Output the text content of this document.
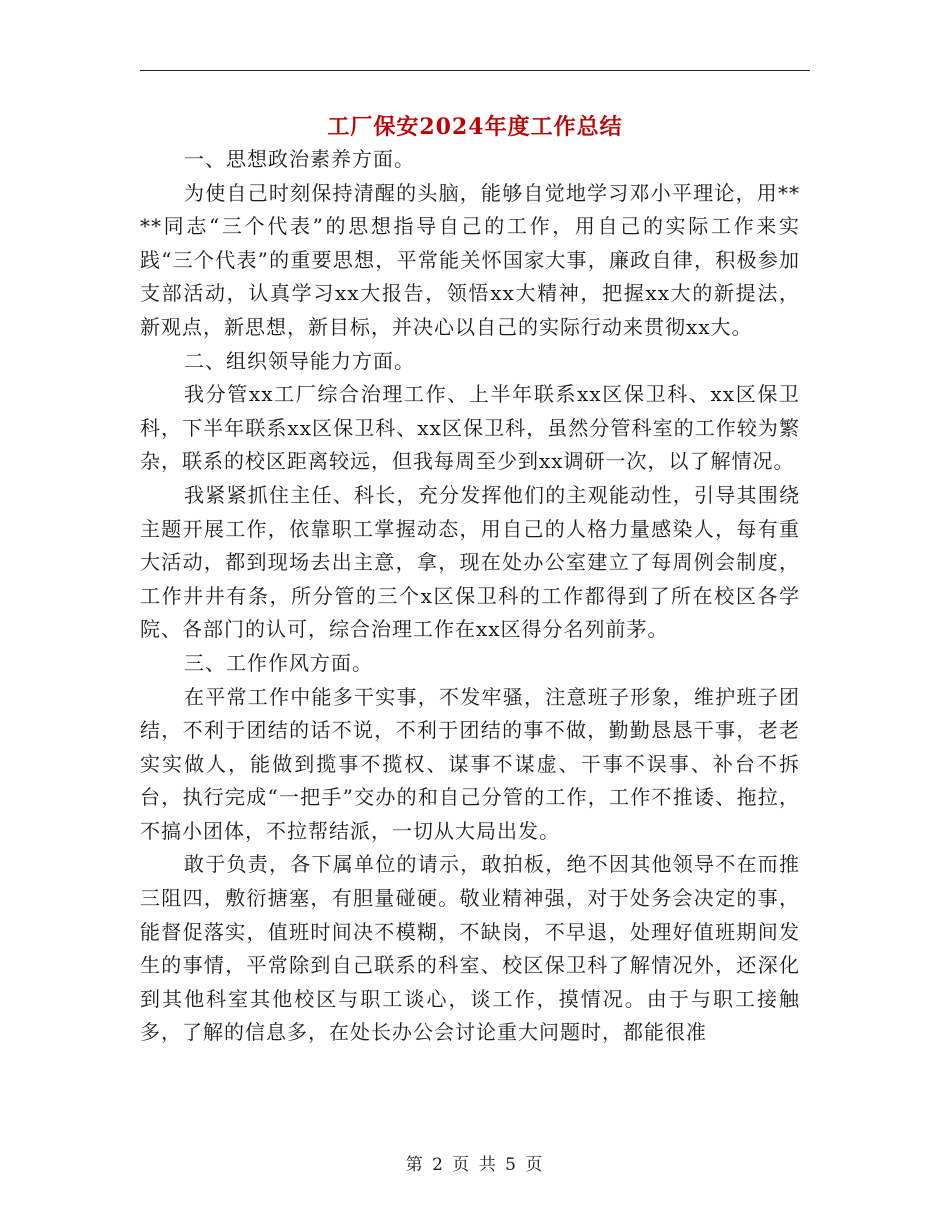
工厂保安2024年度工作总结

一、思想政治素养方面。

为使自己时刻保持清醒的头脑，能够自觉地学习邓小平理论，用****同志“三个代表”的思想指导自己的工作，用自己的实际工作来实践“三个代表”的重要思想，平常能关怀国家大事，廉政自律，积极参加支部活动，认真学习xx大报告，领悟xx大精神，把握xx大的新提法，新观点，新思想，新目标，并决心以自己的实际行动来贯彻xx大。

二、组织领导能力方面。

我分管xx工厂综合治理工作、上半年联系xx区保卫科、xx区保卫科，下半年联系xx区保卫科、xx区保卫科，虽然分管科室的工作较为繁杂，联系的校区距离较远，但我每周至少到xx调研一次，以了解情况。

我紧紧抓住主任、科长，充分发挥他们的主观能动性，引导其围绕主题开展工作，依靠职工掌握动态，用自己的人格力量感染人，每有重大活动，都到现场去出主意，拿，现在处办公室建立了每周例会制度，工作井井有条，所分管的三个x区保卫科的工作都得到了所在校区各学院、各部门的认可，综合治理工作在xx区得分名列前茅。

三、工作作风方面。

在平常工作中能多干实事，不发牢骚，注意班子形象，维护班子团结，不利于团结的话不说，不利于团结的事不做，勤勤恳恳干事，老老实实做人，能做到揽事不揽权、谋事不谋虚、干事不误事、补台不拆台，执行完成“一把手”交办的和自己分管的工作，工作不推诿、拖拉，不搞小团体，不拉帮结派，一切从大局出发。

敢于负责，各下属单位的请示，敢拍板，绝不因其他领导不在而推三阻四，敷衍搪塞，有胆量碰硬。敬业精神强，对于处务会决定的事，能督促落实，值班时间决不模糊，不缺岗，不早退，处理好值班期间发生的事情，平常除到自己联系的科室、校区保卫科了解情况外，还深化到其他科室其他校区与职工谈心，谈工作，摸情况。由于与职工接触多，了解的信息多，在处长办公会讨论重大问题时，都能很准

第 2 页 共 5 页
